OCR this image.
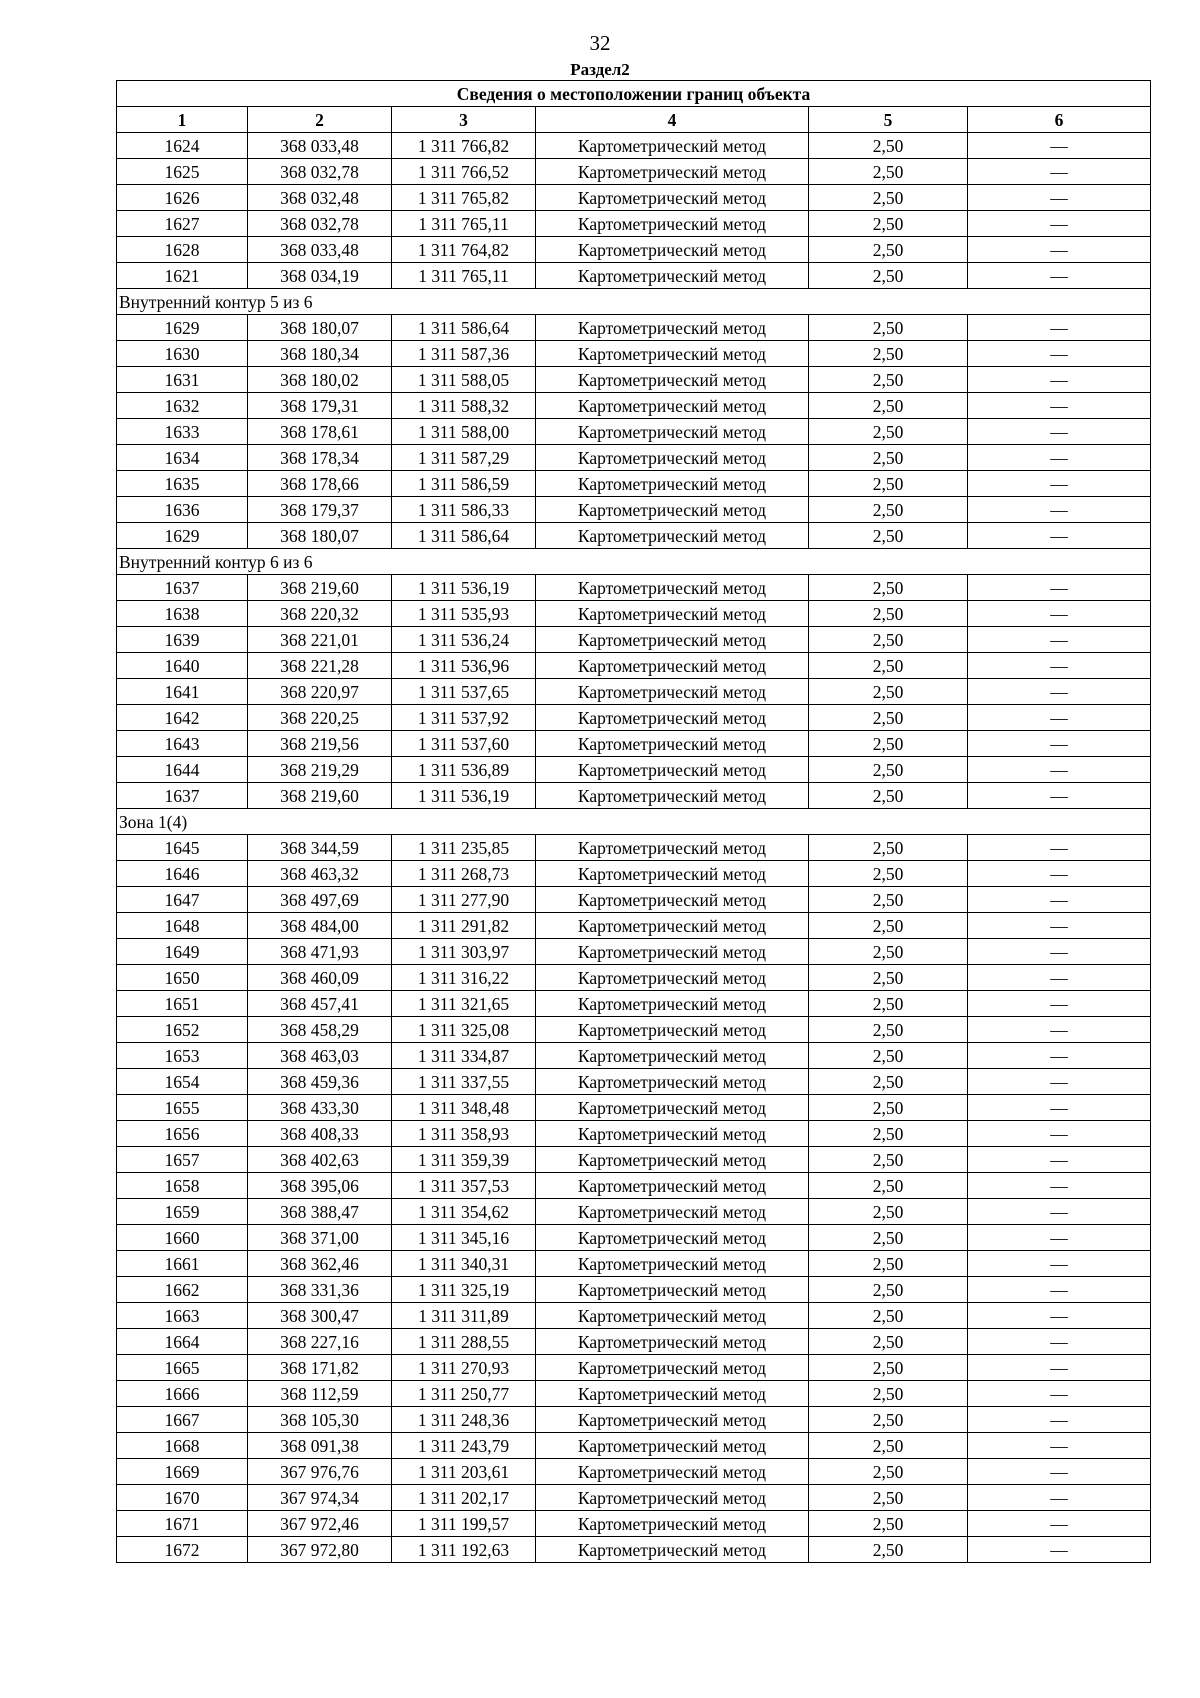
32
Раздел2
Сведения о местоположении границ объекта					
1	2	3	4	5	6
1624	368 033,48	1 311 766,82	Картометрический метод	2,50	—
1625	368 032,78	1 311 766,52	Картометрический метод	2,50	—
1626	368 032,48	1 311 765,82	Картометрический метод	2,50	—
1627	368 032,78	1 311 765,11	Картометрический метод	2,50	—
1628	368 033,48	1 311 764,82	Картометрический метод	2,50	—
1621	368 034,19	1 311 765,11	Картометрический метод	2,50	—
Внутренний контур 5 из 6					
1629	368 180,07	1 311 586,64	Картометрический метод	2,50	—
1630	368 180,34	1 311 587,36	Картометрический метод	2,50	—
1631	368 180,02	1 311 588,05	Картометрический метод	2,50	—
1632	368 179,31	1 311 588,32	Картометрический метод	2,50	—
1633	368 178,61	1 311 588,00	Картометрический метод	2,50	—
1634	368 178,34	1 311 587,29	Картометрический метод	2,50	—
1635	368 178,66	1 311 586,59	Картометрический метод	2,50	—
1636	368 179,37	1 311 586,33	Картометрический метод	2,50	—
1629	368 180,07	1 311 586,64	Картометрический метод	2,50	—
Внутренний контур 6 из 6					
1637	368 219,60	1 311 536,19	Картометрический метод	2,50	—
1638	368 220,32	1 311 535,93	Картометрический метод	2,50	—
1639	368 221,01	1 311 536,24	Картометрический метод	2,50	—
1640	368 221,28	1 311 536,96	Картометрический метод	2,50	—
1641	368 220,97	1 311 537,65	Картометрический метод	2,50	—
1642	368 220,25	1 311 537,92	Картометрический метод	2,50	—
1643	368 219,56	1 311 537,60	Картометрический метод	2,50	—
1644	368 219,29	1 311 536,89	Картометрический метод	2,50	—
1637	368 219,60	1 311 536,19	Картометрический метод	2,50	—
Зона 1(4)					
1645	368 344,59	1 311 235,85	Картометрический метод	2,50	—
1646	368 463,32	1 311 268,73	Картометрический метод	2,50	—
1647	368 497,69	1 311 277,90	Картометрический метод	2,50	—
1648	368 484,00	1 311 291,82	Картометрический метод	2,50	—
1649	368 471,93	1 311 303,97	Картометрический метод	2,50	—
1650	368 460,09	1 311 316,22	Картометрический метод	2,50	—
1651	368 457,41	1 311 321,65	Картометрический метод	2,50	—
1652	368 458,29	1 311 325,08	Картометрический метод	2,50	—
1653	368 463,03	1 311 334,87	Картометрический метод	2,50	—
1654	368 459,36	1 311 337,55	Картометрический метод	2,50	—
1655	368 433,30	1 311 348,48	Картометрический метод	2,50	—
1656	368 408,33	1 311 358,93	Картометрический метод	2,50	—
1657	368 402,63	1 311 359,39	Картометрический метод	2,50	—
1658	368 395,06	1 311 357,53	Картометрический метод	2,50	—
1659	368 388,47	1 311 354,62	Картометрический метод	2,50	—
1660	368 371,00	1 311 345,16	Картометрический метод	2,50	—
1661	368 362,46	1 311 340,31	Картометрический метод	2,50	—
1662	368 331,36	1 311 325,19	Картометрический метод	2,50	—
1663	368 300,47	1 311 311,89	Картометрический метод	2,50	—
1664	368 227,16	1 311 288,55	Картометрический метод	2,50	—
1665	368 171,82	1 311 270,93	Картометрический метод	2,50	—
1666	368 112,59	1 311 250,77	Картометрический метод	2,50	—
1667	368 105,30	1 311 248,36	Картометрический метод	2,50	—
1668	368 091,38	1 311 243,79	Картометрический метод	2,50	—
1669	367 976,76	1 311 203,61	Картометрический метод	2,50	—
1670	367 974,34	1 311 202,17	Картометрический метод	2,50	—
1671	367 972,46	1 311 199,57	Картометрический метод	2,50	—
1672	367 972,80	1 311 192,63	Картометрический метод	2,50	—
